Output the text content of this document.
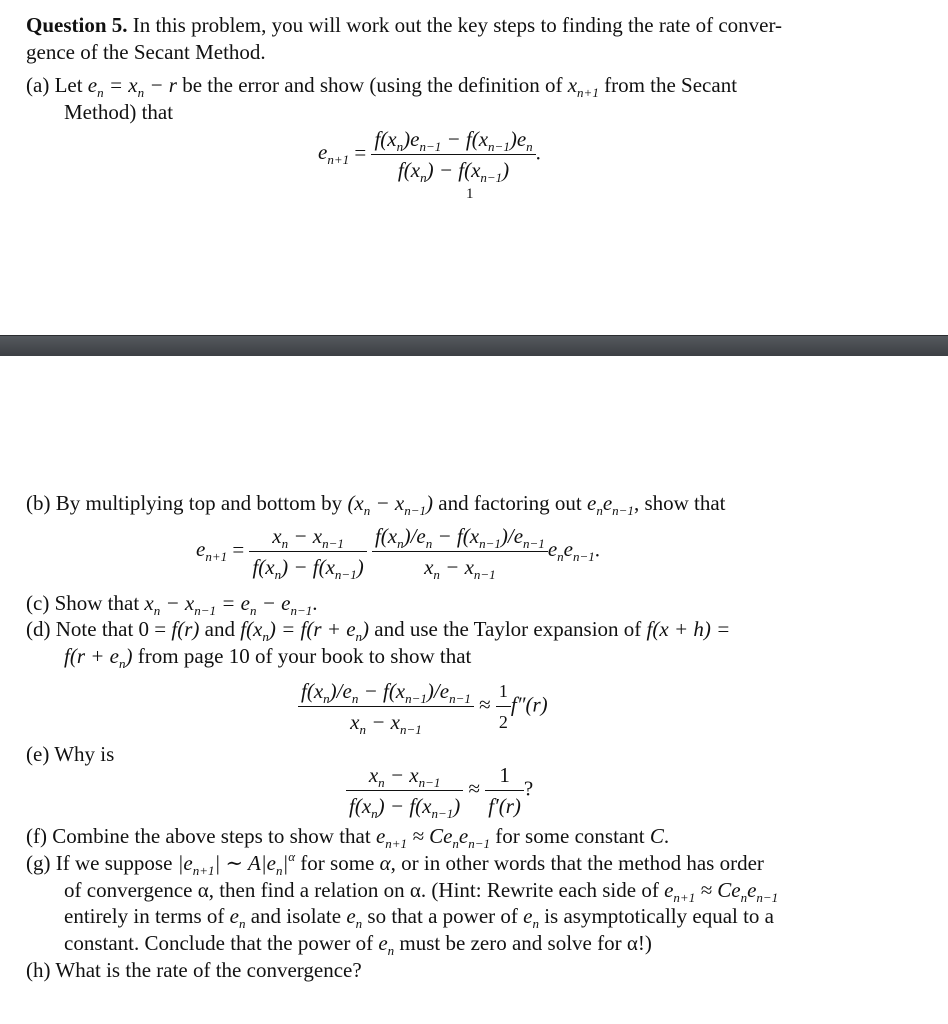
Question 5. In this problem, you will work out the key steps to finding the rate of conver-
gence of the Secant Method.
(a) Let $e_n = x_n - r$ be the error and show (using the definition of $x_{n+1}$ from the Secant
Method) that
$e_{n+1} = \frac{f(x_n)e_{n-1} - f(x_{n-1})e_n}{f(x_n) - f(x_{n-1})}$ .
1
(b) By multiplying top and bottom by $(x_n - x_{n-1})$ and factoring out $e_ne_{n-1}$, show that
$e_{n+1} = \frac{x_n - x_{n-1}}{f(x_n) - f(x_{n-1})}$
$\frac{f(x_n)/e_n - f(x_{n-1})/e_{n-1}}{x_n - x_{n-1}} e_ne_{n-1}$.
(c) Show that $x_n - x_{n-1} = e_n - e_{n-1}$.
(d) Note that 0 = f(r) and $f(x_n) = f(r + e_n)$ and use the Taylor expansion of f(x + h) =
$f(r + e_n)$ from page 10 of your book to show that
$\frac{f(x_n)/e_n - f(x_{n-1})/e_{n-1}}{x_n - x_{n-1}} \approx \frac{1}{2} f''(r)$
(e) Why is
$\frac{x_n - x_{n-1}}{f(x_n) - f(x_{n-1})} \approx \frac{1}{f'(r)}$ ?
(f) Combine the above steps to show that $e_{n+1} \approx Ce_ne_{n-1}$ for some constant C.
(g) If we suppose $|e_{n+1}|$ ∼ $A|e_n|^\alpha$ for some α, or in other words that the method has order
of convergence α, then find a relation on α. (Hint: Rewrite each side of $e_{n+1} \approx Ce_ne_{n-1}$
entirely in terms of $e_n$ and isolate $e_n$ so that a power of $e_n$ is asymptotically equal to a
constant. Conclude that the power of $e_n$ must be zero and solve for α!)
(h) What is the rate of the convergence?
